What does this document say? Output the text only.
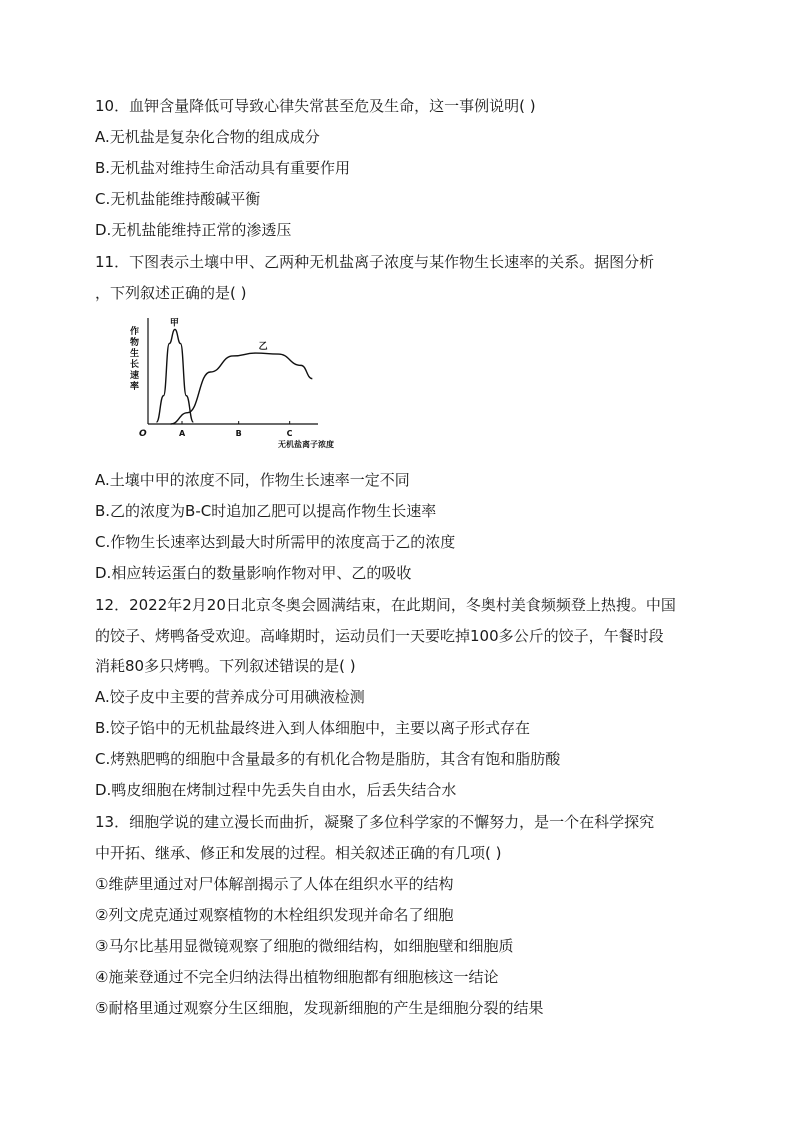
10．血钾含量降低可导致心律失常甚至危及生命，这一事例说明( )
A.无机盐是复杂化合物的组成成分
B.无机盐对维持生命活动具有重要作用
C.无机盐能维持酸碱平衡
D.无机盐能维持正常的渗透压
11．下图表示土壤中甲、乙两种无机盐离子浓度与某作物生长速率的关系。据图分析
，下列叙述正确的是( )
作物生长速率
O
无机盐离子浓度
A	B	C
甲
乙
A.土壤中甲的浓度不同，作物生长速率一定不同
B.乙的浓度为B-C时追加乙肥可以提高作物生长速率
C.作物生长速率达到最大时所需甲的浓度高于乙的浓度
D.相应转运蛋白的数量影响作物对甲、乙的吸收
12．2022年2月20日北京冬奥会圆满结束，在此期间，冬奥村美食频频登上热搜。中国
的饺子、烤鸭备受欢迎。高峰期时，运动员们一天要吃掉100多公斤的饺子，午餐时段
消耗80多只烤鸭。下列叙述错误的是( )
A.饺子皮中主要的营养成分可用碘液检测
B.饺子馅中的无机盐最终进入到人体细胞中，主要以离子形式存在
C.烤熟肥鸭的细胞中含量最多的有机化合物是脂肪，其含有饱和脂肪酸
D.鸭皮细胞在烤制过程中先丢失自由水，后丢失结合水
13．细胞学说的建立漫长而曲折，凝聚了多位科学家的不懈努力，是一个在科学探究
中开拓、继承、修正和发展的过程。相关叙述正确的有几项( )
①维萨里通过对尸体解剖揭示了人体在组织水平的结构
②列文虎克通过观察植物的木栓组织发现并命名了细胞
③马尔比基用显微镜观察了细胞的微细结构，如细胞壁和细胞质
④施莱登通过不完全归纳法得出植物细胞都有细胞核这一结论
⑤耐格里通过观察分生区细胞，发现新细胞的产生是细胞分裂的结果
